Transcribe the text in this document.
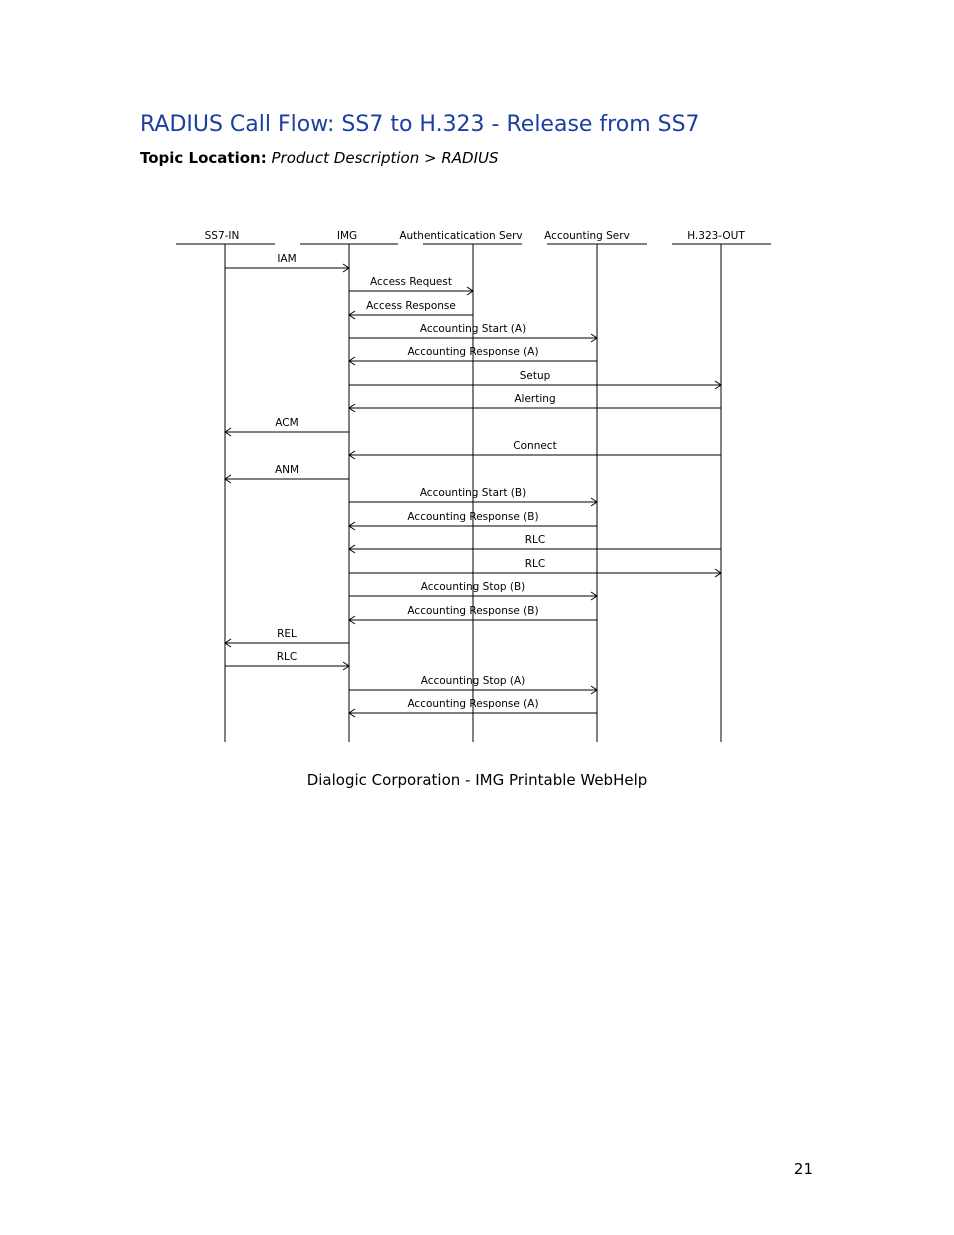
RADIUS Call Flow: SS7 to H.323 - Release from SS7
Topic Location: Product Description > RADIUS
SS7-IN	IMG	Authenticatication Serv Accounting Serv	H.323-OUT
IAM
Access Request
Access Response
Accounting Start (A)
Accounting Response (A)
Setup
Alerting
ACM
Connect
ANM
Accounting Start (B)
Accounting Response (B)
RLC
RLC
Accounting Stop (B)
Accounting Response (B)
REL
RLC
Accounting Stop (A)
Accounting Response (A)
Dialogic Corporation - IMG Printable WebHelp
21
